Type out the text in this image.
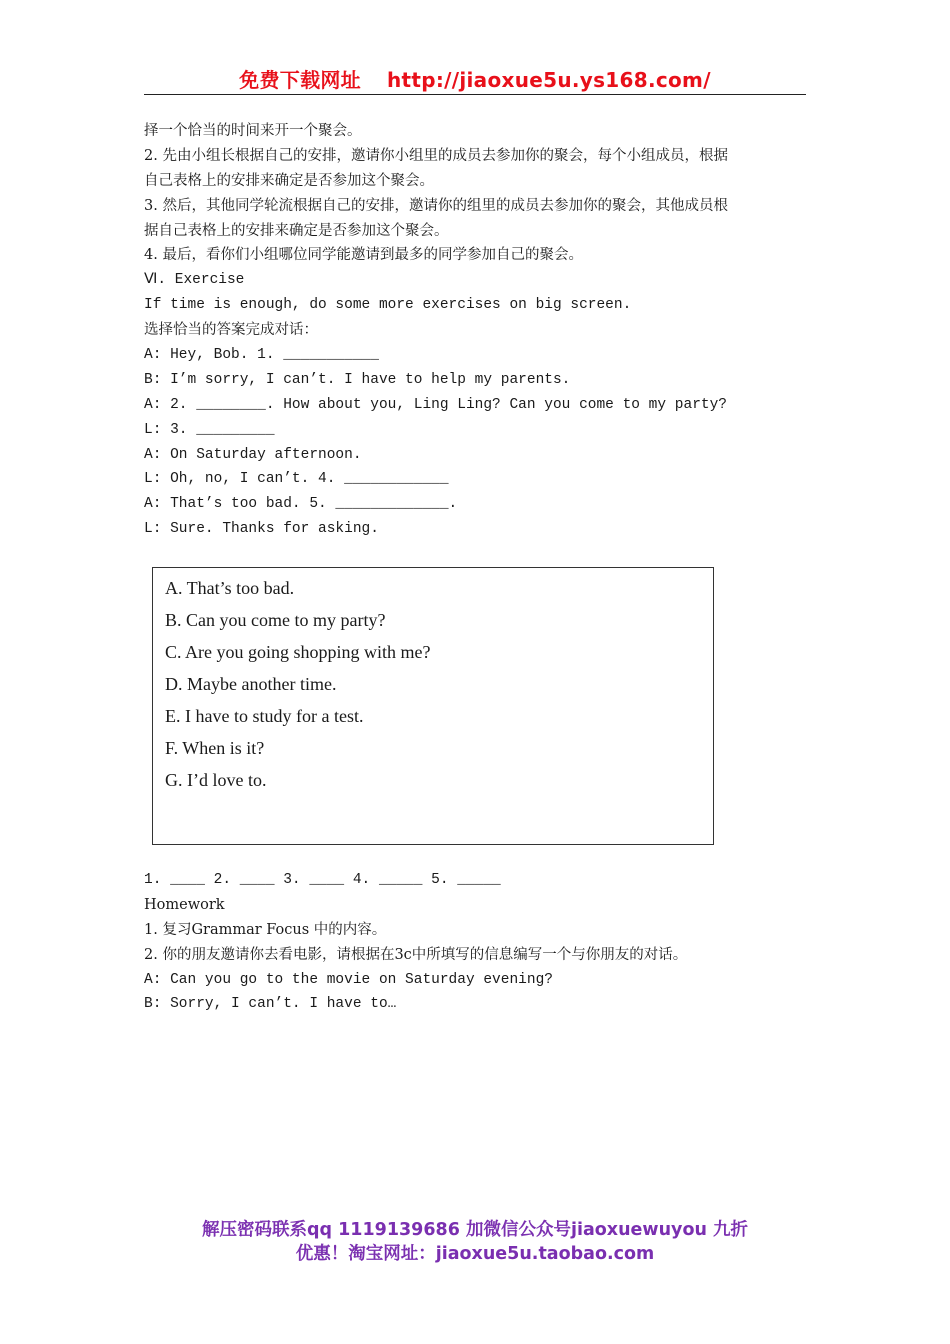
免费下载网址 http://jiaoxue5u.ys168.com/
择一个恰当的时间来开一个聚会。
2. 先由小组长根据自己的安排，邀请你小组里的成员去参加你的聚会，每个小组成员，根据
自己表格上的安排来确定是否参加这个聚会。
3. 然后，其他同学轮流根据自己的安排，邀请你的组里的成员去参加你的聚会，其他成员根
据自己表格上的安排来确定是否参加这个聚会。
4. 最后，看你们小组哪位同学能邀请到最多的同学参加自己的聚会。
Ⅵ. Exercise
If time is enough, do some more exercises on big screen.
选择恰当的答案完成对话：
A: Hey, Bob. 1. ___________
B: I’m sorry, I can’t. I have to help my parents.
A: 2. ________. How about you, Ling Ling? Can you come to my party?
L: 3. _________
A: On Saturday afternoon.
L: Oh, no, I can’t. 4. ____________
A: That’s too bad. 5. _____________.
L: Sure. Thanks for asking.
A. That’s too bad.
B. Can you come to my party?
C. Are you going shopping with me?
D. Maybe another time.
E. I have to study for a test.
F. When is it?
G. I’d love to.
1. ____ 2. ____ 3. ____ 4. _____ 5. _____
Homework
1. 复习Grammar Focus 中的内容。
2. 你的朋友邀请你去看电影，请根据在3c中所填写的信息编写一个与你朋友的对话。
A: Can you go to the movie on Saturday evening?
B: Sorry, I can’t. I have to…
解压密码联系qq 1119139686 加微信公众号jiaoxuewuyou 九折
优惠！淘宝网址：jiaoxue5u.taobao.com
